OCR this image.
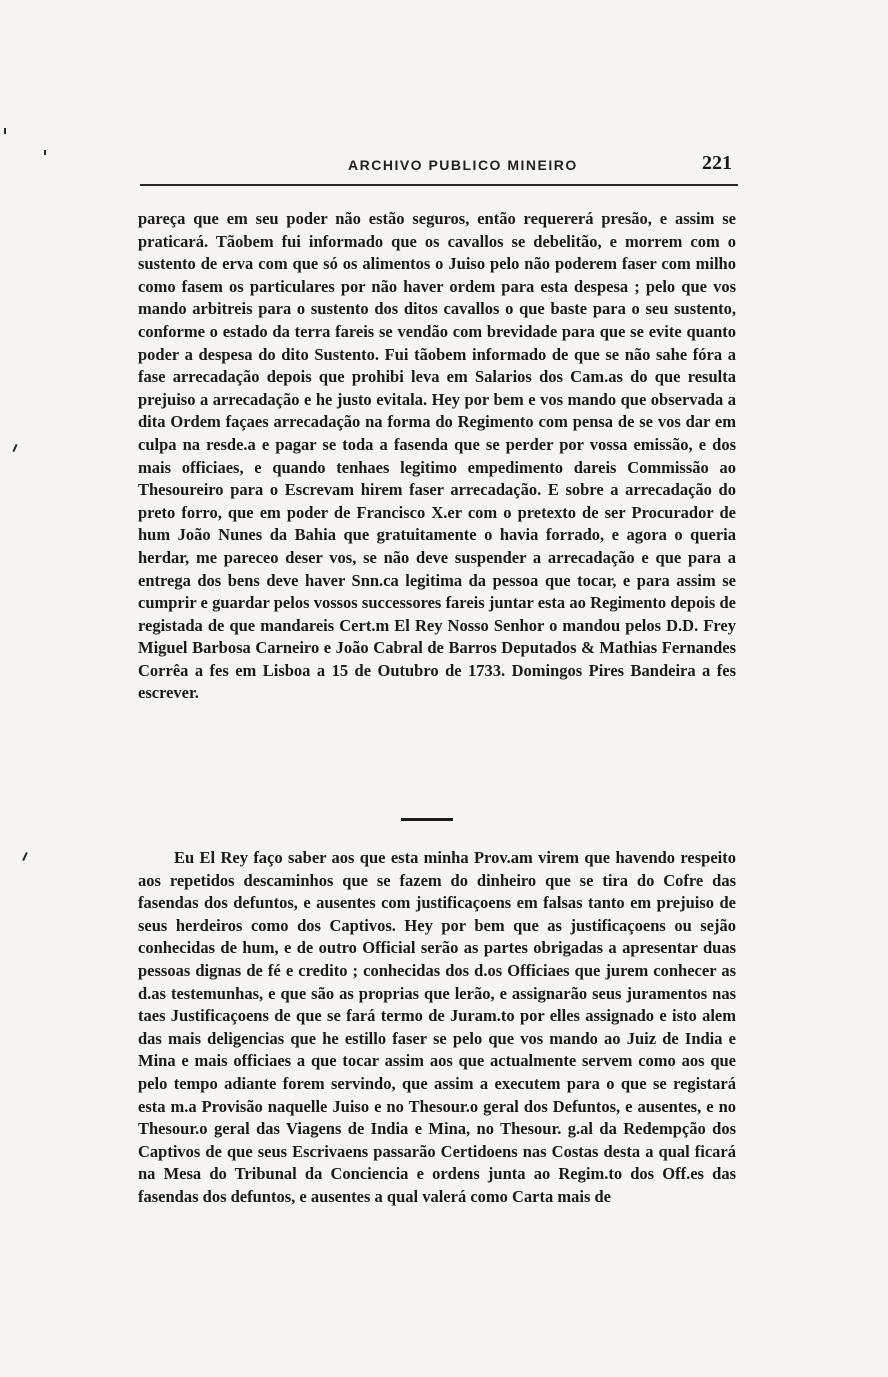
ARCHIVO PUBLICO MINEIRO	221

pareça que em seu poder não estão seguros, então requererá presão, e assim se praticará. Tãobem fui informado que os cavallos se debelitão, e morrem com o sustento de erva com que só os alimentos o Juiso pelo não poderem faser com milho como fasem os particulares por não haver ordem para esta despesa ; pelo que vos mando arbitreis para o sustento dos ditos cavallos o que baste para o seu sustento, conforme o estado da terra fareis se vendão com brevidade para que se evite quanto poder a despesa do dito Sustento. Fui tãobem informado de que se não sahe fóra a fase arrecadação depois que prohibi leva em Salarios dos Cam.as do que resulta prejuiso a arrecadação e he justo evitala. Hey por bem e vos mando que observada a dita Ordem façaes arrecadação na forma do Regimento com pensa de se vos dar em culpa na resde.a e pagar se toda a fasenda que se perder por vossa emissão, e dos mais officiaes, e quando tenhaes legitimo empedimento dareis Commissão ao Thesoureiro para o Escrevam hirem faser arrecadação. E sobre a arrecadação do preto forro, que em poder de Francisco X.er com o pretexto de ser Procurador de hum João Nunes da Bahia que gratuitamente o havia forrado, e agora o queria herdar, me pareceo deser vos, se não deve suspender a arrecadação e que para a entrega dos bens deve haver Snn.ca legitima da pessoa que tocar, e para assim se cumprir e guardar pelos vossos successores fareis juntar esta ao Regimento depois de registada de que mandareis Cert.m El Rey Nosso Senhor o mandou pelos D.D. Frey Miguel Barbosa Carneiro e João Cabral de Barros Deputados & Mathias Fernandes Corrêa a fes em Lisboa a 15 de Outubro de 1733. Domingos Pires Bandeira a fes escrever.

Eu El Rey faço saber aos que esta minha Prov.am virem que havendo respeito aos repetidos descaminhos que se fazem do dinheiro que se tira do Cofre das fasendas dos defuntos, e ausentes com justificaçoens em falsas tanto em prejuiso de seus herdeiros como dos Captivos. Hey por bem que as justificaçoens ou sejão conhecidas de hum, e de outro Official serão as partes obrigadas a apresentar duas pessoas dignas de fé e credito ; conhecidas dos d.os Officiaes que jurem conhecer as d.as testemunhas, e que são as proprias que lerão, e assignarão seus juramentos nas taes Justificaçoens de que se fará termo de Juram.to por elles assignado e isto alem das mais deligencias que he estillo faser se pelo que vos mando ao Juiz de India e Mina e mais officiaes a que tocar assim aos que actualmente servem como aos que pelo tempo adiante forem servindo, que assim a executem para o que se registará esta m.a Provisão naquelle Juiso e no Thesour.o geral dos Defuntos, e ausentes, e no Thesour.o geral das Viagens de India e Mina, no Thesour. g.al da Redempção dos Captivos de que seus Escrivaens passarão Certidoens nas Costas desta a qual ficará na Mesa do Tribunal da Conciencia e ordens junta ao Regim.to dos Off.es das fasendas dos defuntos, e ausentes a qual valerá como Carta mais de
